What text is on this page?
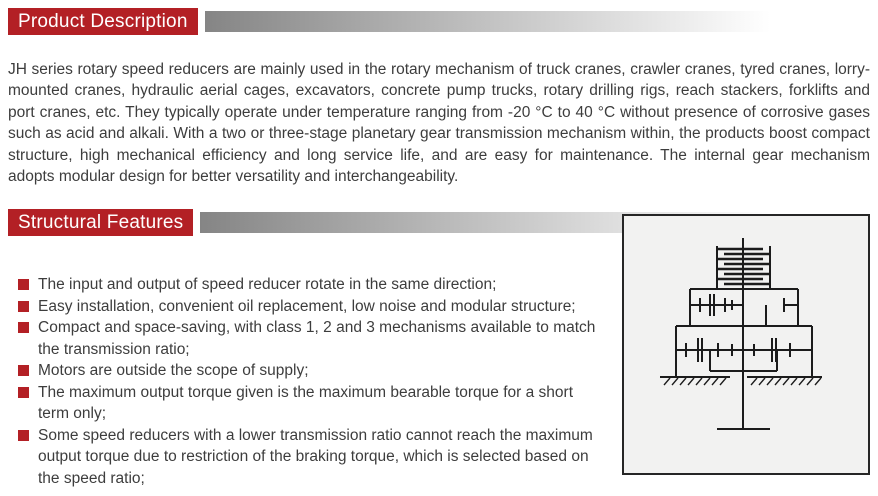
Product Description

JH series rotary speed reducers are mainly used in the rotary mechanism of truck cranes, crawler cranes, tyred cranes, lorry-mounted cranes, hydraulic aerial cages, excavators, concrete pump trucks, rotary drilling rigs, reach stackers, forklifts and port cranes, etc. They typically operate under temperature ranging from -20 °C to 40 °C without presence of corrosive gases such as acid and alkali. With a two or three-stage planetary gear transmission mechanism within, the products boost compact structure, high mechanical efficiency and long service life, and are easy for maintenance. The internal gear mechanism adopts modular design for better versatility and interchangeability.

Structural Features
The input and output of speed reducer rotate in the same direction;
Easy installation, convenient oil replacement, low noise and modular structure;
Compact and space-saving, with class 1, 2 and 3 mechanisms available to match the transmission ratio;
Motors are outside the scope of supply;
The maximum output torque given is the maximum bearable torque for a short term only;
Some speed reducers with a lower transmission ratio cannot reach the maximum output torque due to restriction of the braking torque, which is selected based on the speed ratio;
